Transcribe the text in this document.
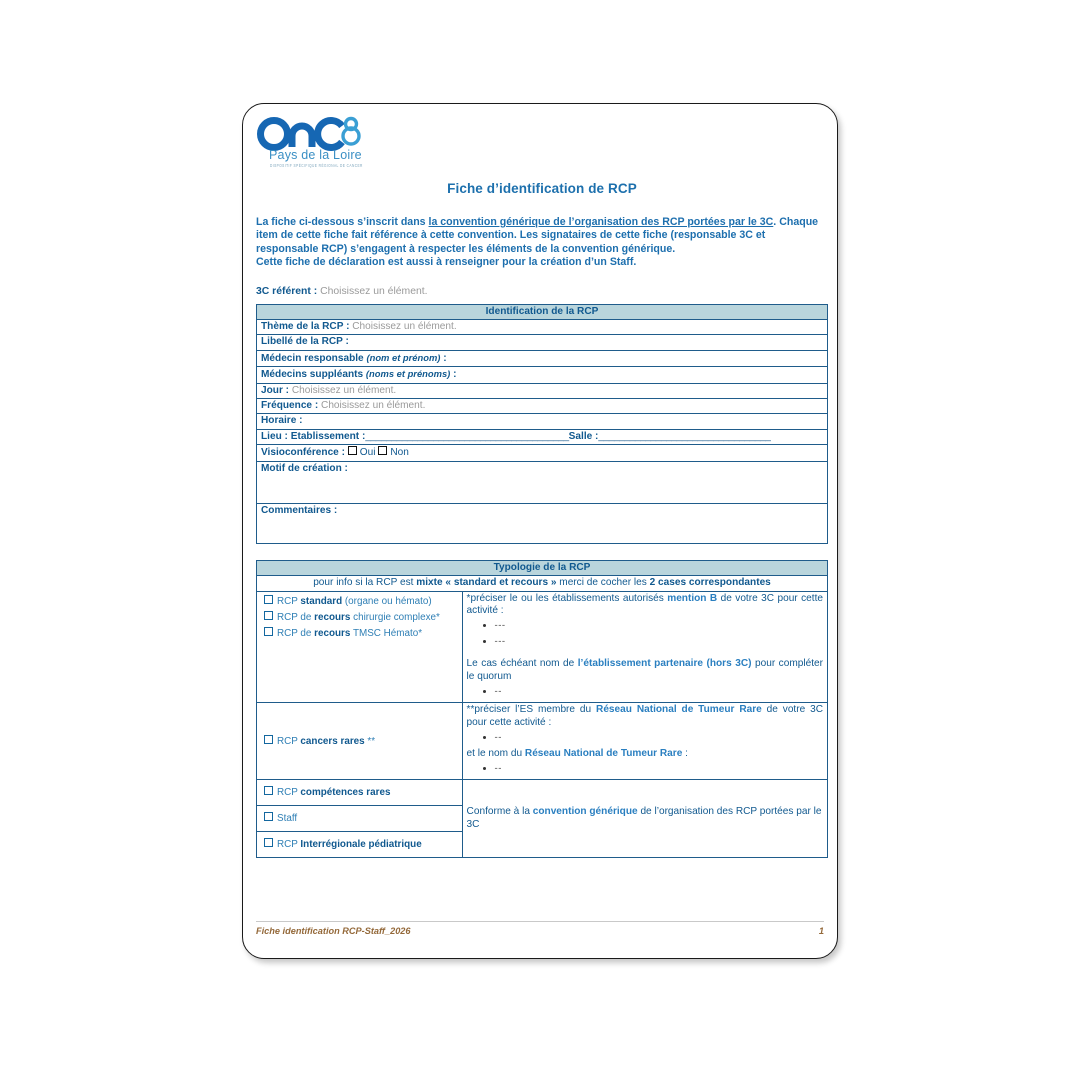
Pays de la Loire
DISPOSITIF SPÉCIFIQUE RÉGIONAL DE CANCER
Fiche d’identification de RCP
La fiche ci-dessous s’inscrit dans la convention générique de l’organisation des RCP portées par le 3C. Chaque item de cette fiche fait référence à cette convention. Les signataires de cette fiche (responsable 3C et responsable RCP) s’engagent à respecter les éléments de la convention générique.
Cette fiche de déclaration est aussi à renseigner pour la création d’un Staff.
3C référent : Choisissez un élément.
Identification de la RCP
Thème de la RCP : Choisissez un élément.
Libellé de la RCP :
Médecin responsable (nom et prénom) :
Médecins suppléants (noms et prénoms) :
Jour : Choisissez un élément.
Fréquence : Choisissez un élément.
Horaire :
Lieu : Etablissement :_______________________________________Salle :_________________________________
Visioconférence : Oui Non
Motif de création :
Commentaires :
Typologie de la RCP	
pour info si la RCP est mixte « standard et recours » merci de cocher les 2 cases correspondantes	

RCP standard (organe ou hémato)
RCP de recours chirurgie complexe*
RCP de recours TMSC Hémato*
	*préciser le ou les établissements autorisés mention B de votre 3C pour cette activité :
• ---
• ---
Le cas échéant nom de l’établissement partenaire (hors 3C) pour compléter le quorum
• --

RCP cancers rares **
	**préciser l’ES membre du Réseau National de Tumeur Rare de votre 3C pour cette activité :
• --
et le nom du Réseau National de Tumeur Rare :
• --

RCP compétences rares	Conforme à la convention générique de l’organisation des RCP portées par le 3C

Staff	

RCP Interrégionale pédiatrique	
Fiche identification RCP-Staff_2026	1
